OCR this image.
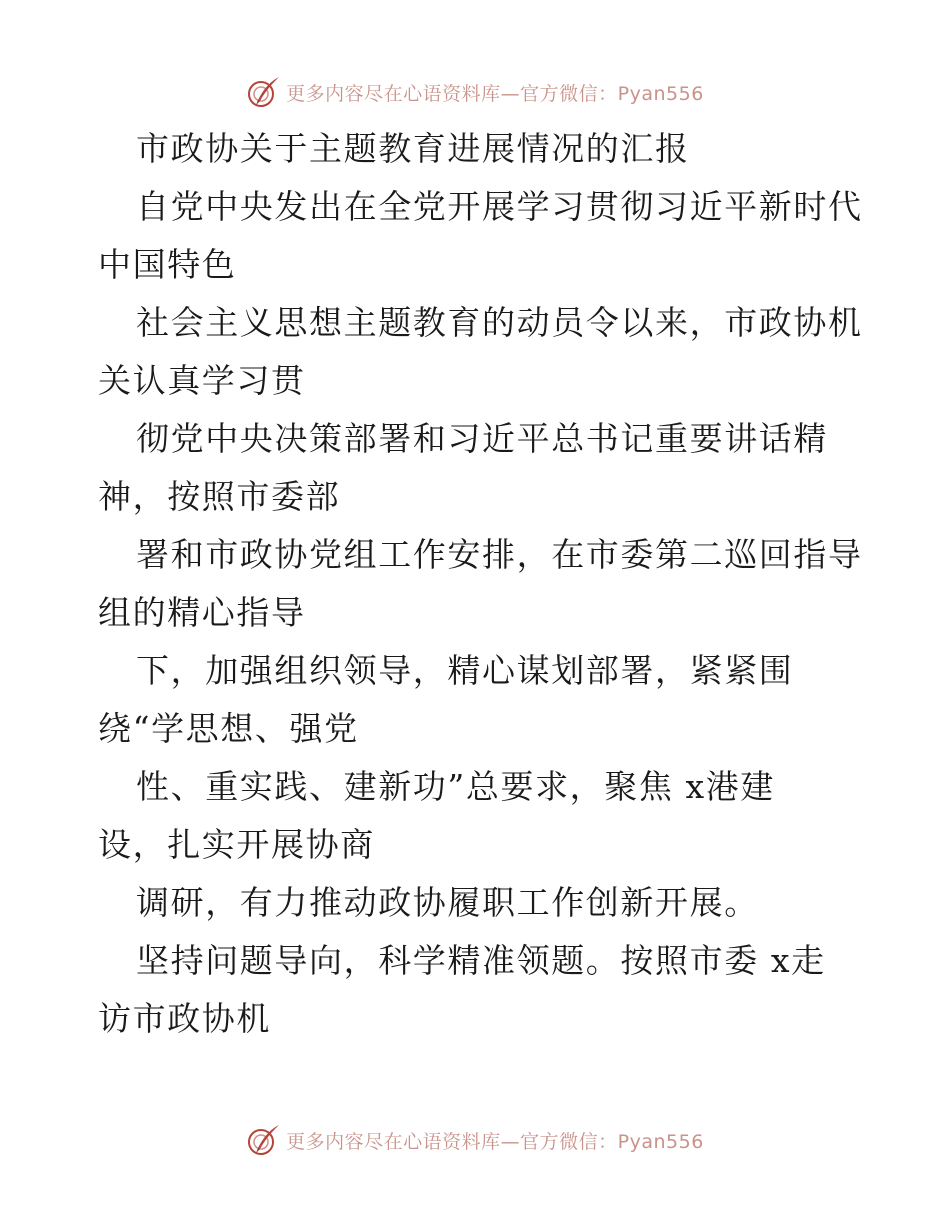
更多内容尽在心语资料库—官方微信：Pyan556
市政协关于主题教育进展情况的汇报
自党中央发出在全党开展学习贯彻习近平新时代
中国特色
社会主义思想主题教育的动员令以来，市政协机
关认真学习贯
彻党中央决策部署和习近平总书记重要讲话精
神，按照市委部
署和市政协党组工作安排，在市委第二巡回指导
组的精心指导
下，加强组织领导，精心谋划部署，紧紧围
绕“学思想、强党
性、重实践、建新功”总要求，聚焦 x港建
设，扎实开展协商
调研，有力推动政协履职工作创新开展。
坚持问题导向，科学精准领题。按照市委 x走
访市政协机
更多内容尽在心语资料库—官方微信：Pyan556
